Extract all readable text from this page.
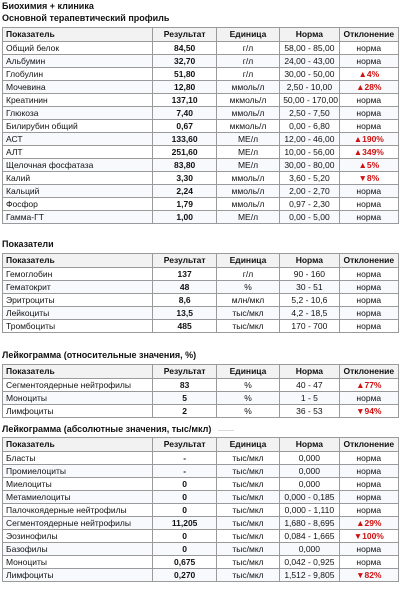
Биохимия + клиника
Основной терапевтический профиль
Показатель	Результат	Единица	Норма	Отклонение
Общий белок	84,50	г/л	58,00 - 85,00	норма
Альбумин	32,70	г/л	24,00 - 43,00	норма
Глобулин	51,80	г/л	30,00 - 50,00	▲4%
Мочевина	12,80	ммоль/л	2,50 - 10,00	▲28%
Креатинин	137,10	мкмоль/л	50,00 - 170,00	норма
Глюкоза	7,40	ммоль/л	2,50 - 7,50	норма
Билирубин общий	0,67	мкмоль/л	0,00 - 6,80	норма
АСТ	133,60	МЕ/л	12,00 - 46,00	▲190%
АЛТ	251,60	МЕ/л	10,00 - 56,00	▲349%
Щелочная фосфатаза	83,80	МЕ/л	30,00 - 80,00	▲5%
Калий	3,30	ммоль/л	3,60 - 5,20	▼8%
Кальций	2,24	ммоль/л	2,00 - 2,70	норма
Фосфор	1,79	ммоль/л	0,97 - 2,30	норма
Гамма-ГТ	1,00	МЕ/л	0,00 - 5,00	норма
Показатели
Показатель	Результат	Единица	Норма	Отклонение
Гемоглобин	137	г/л	90 - 160	норма
Гематокрит	48	%	30 - 51	норма
Эритроциты	8,6	млн/мкл	5,2 - 10,6	норма
Лейкоциты	13,5	тыс/мкл	4,2 - 18,5	норма
Тромбоциты	485	тыс/мкл	170 - 700	норма
Лейкограмма (относительные значения, %)
Показатель	Результат	Единица	Норма	Отклонение
Сегментоядерные нейтрофилы	83	%	40 - 47	▲77%
Моноциты	5	%	1 - 5	норма
Лимфоциты	2	%	36 - 53	▼94%
Лейкограмма (абсолютные значения, тыс/мкл)
Показатель	Результат	Единица	Норма	Отклонение
Бласты	-	тыс/мкл	0,000	норма
Промиелоциты	-	тыс/мкл	0,000	норма
Миелоциты	0	тыс/мкл	0,000	норма
Метамиелоциты	0	тыс/мкл	0,000 - 0,185	норма
Палочкоядерные нейтрофилы	0	тыс/мкл	0,000 - 1,110	норма
Сегментоядерные нейтрофилы	11,205	тыс/мкл	1,680 - 8,695	▲29%
Эозинофилы	0	тыс/мкл	0,084 - 1,665	▼100%
Базофилы	0	тыс/мкл	0,000	норма
Моноциты	0,675	тыс/мкл	0,042 - 0,925	норма
Лимфоциты	0,270	тыс/мкл	1,512 - 9,805	▼82%
